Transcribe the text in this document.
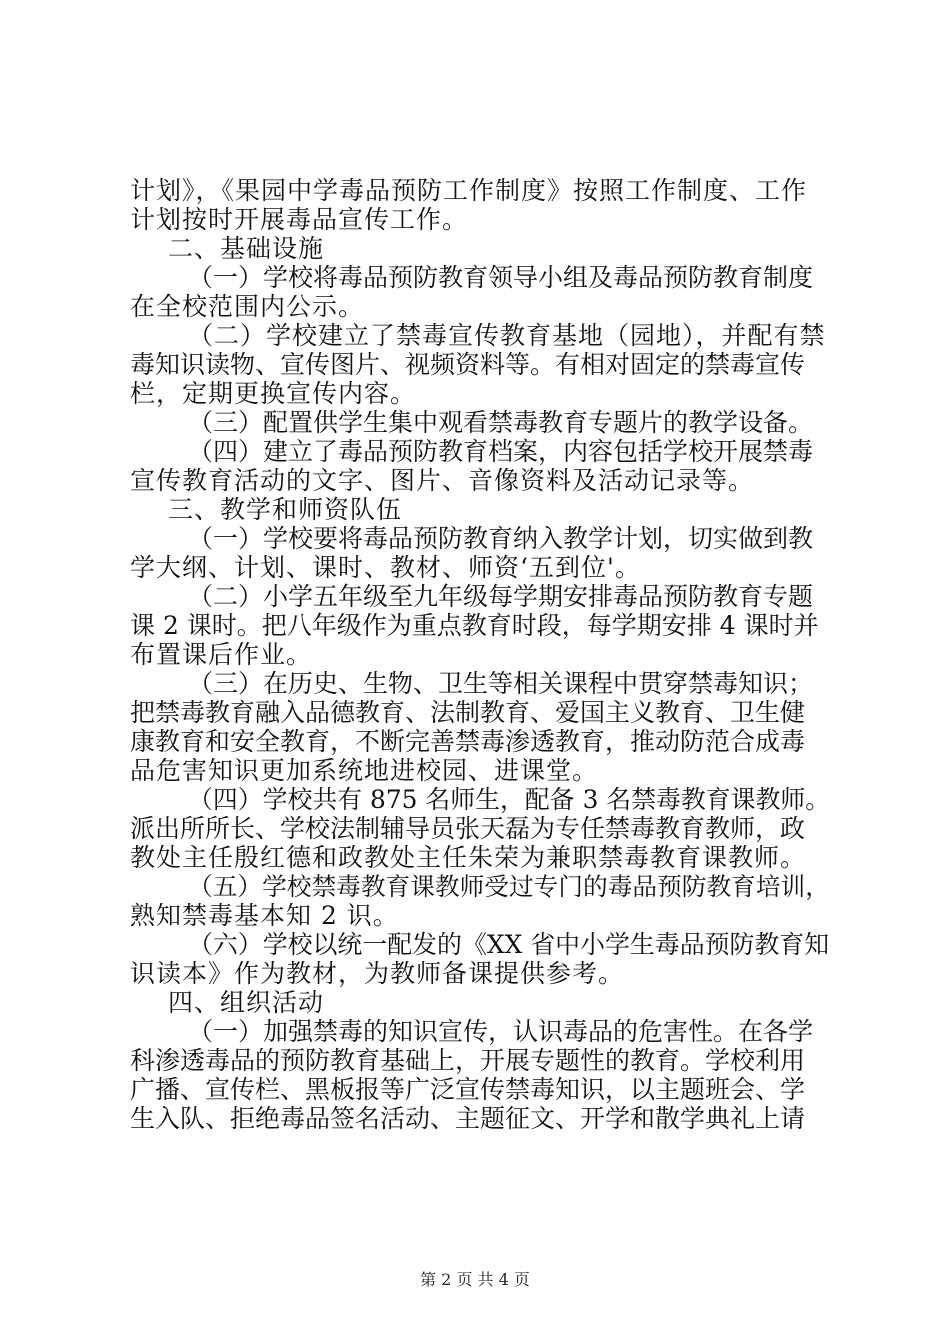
计划》，《果园中学毒品预防工作制度》按照工作制度、工作
计划按时开展毒品宣传工作。
二、基础设施
（一）学校将毒品预防教育领导小组及毒品预防教育制度
在全校范围内公示。
（二）学校建立了禁毒宣传教育基地（园地），并配有禁
毒知识读物、宣传图片、视频资料等。有相对固定的禁毒宣传
栏，定期更换宣传内容。
（三）配置供学生集中观看禁毒教育专题片的教学设备。
（四）建立了毒品预防教育档案，内容包括学校开展禁毒
宣传教育活动的文字、图片、音像资料及活动记录等。
三、教学和师资队伍
（一）学校要将毒品预防教育纳入教学计划，切实做到教
学大纲、计划、课时、教材、师资‘五到位'。
（二）小学五年级至九年级每学期安排毒品预防教育专题
课 2 课时。把八年级作为重点教育时段，每学期安排 4 课时并
布置课后作业。
（三）在历史、生物、卫生等相关课程中贯穿禁毒知识；
把禁毒教育融入品德教育、法制教育、爱国主义教育、卫生健
康教育和安全教育，不断完善禁毒渗透教育，推动防范合成毒
品危害知识更加系统地进校园、进课堂。
（四）学校共有 875 名师生，配备 3 名禁毒教育课教师。
派出所所长、学校法制辅导员张天磊为专任禁毒教育教师，政
教处主任殷红德和政教处主任朱荣为兼职禁毒教育课教师。
（五）学校禁毒教育课教师受过专门的毒品预防教育培训，
熟知禁毒基本知 2 识。
（六）学校以统一配发的《XX 省中小学生毒品预防教育知
识读本》作为教材，为教师备课提供参考。
四、组织活动
（一）加强禁毒的知识宣传，认识毒品的危害性。在各学
科渗透毒品的预防教育基础上，开展专题性的教育。学校利用
广播、宣传栏、黑板报等广泛宣传禁毒知识，以主题班会、学
生入队、拒绝毒品签名活动、主题征文、开学和散学典礼上请
第 2 页 共 4 页
